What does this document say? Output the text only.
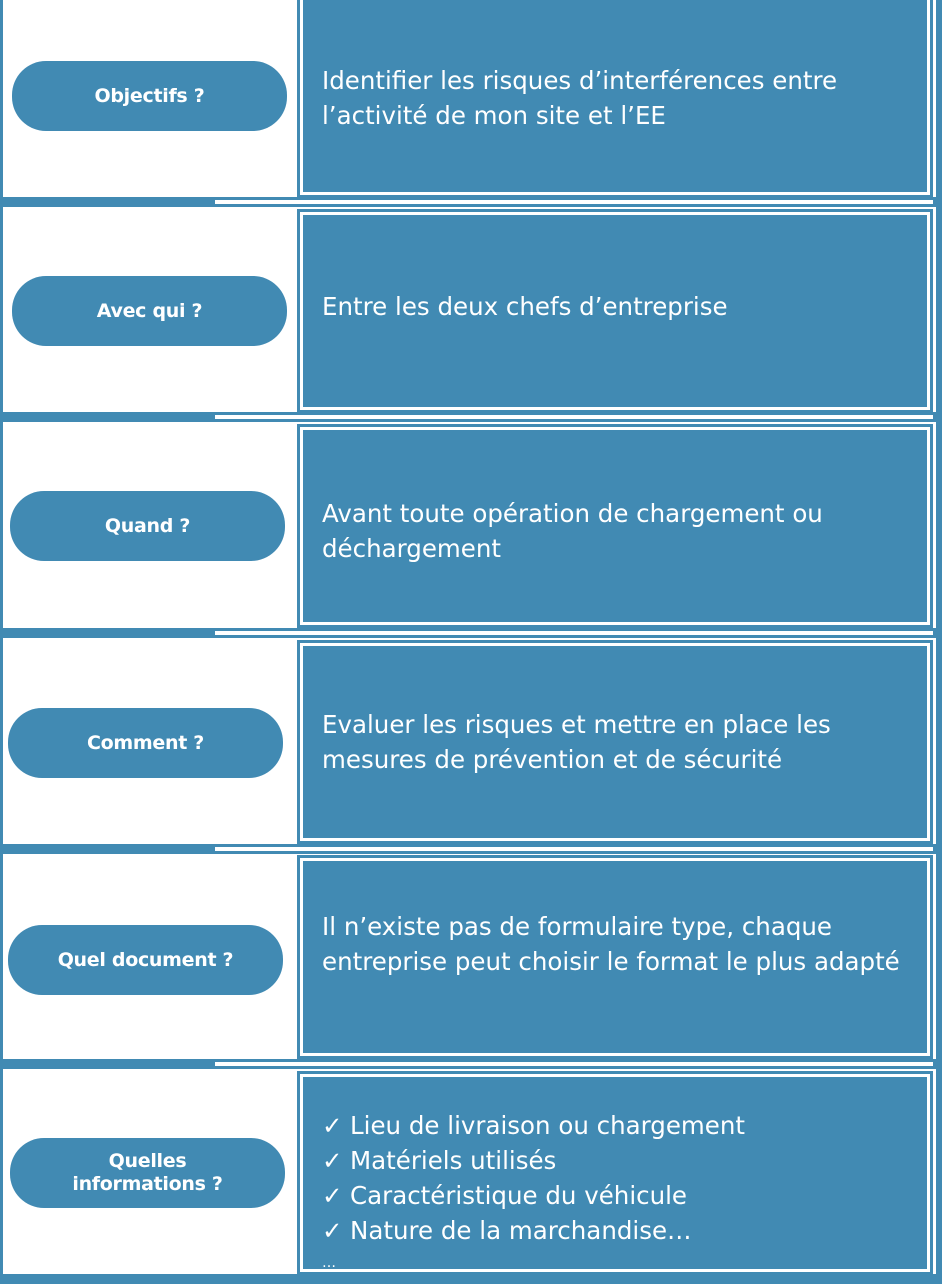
Objectifs ?
Identifier les risques d’interférences entre l’activité de mon site et l’EE
Avec qui ?	Entre les deux chefs d’entreprise
Quand ?	Avant toute opération de chargement ou déchargement
Comment ?
Evaluer les risques et mettre en place les mesures de prévention et de sécurité
Quel document ?
Il n’existe pas de formulaire type, chaque entreprise peut choisir le format le plus adapté
Quelles
informations ?
✓ Lieu de livraison ou chargement
✓ Matériels utilisés
✓ Caractéristique du véhicule
✓ Nature de la marchandise…
…
